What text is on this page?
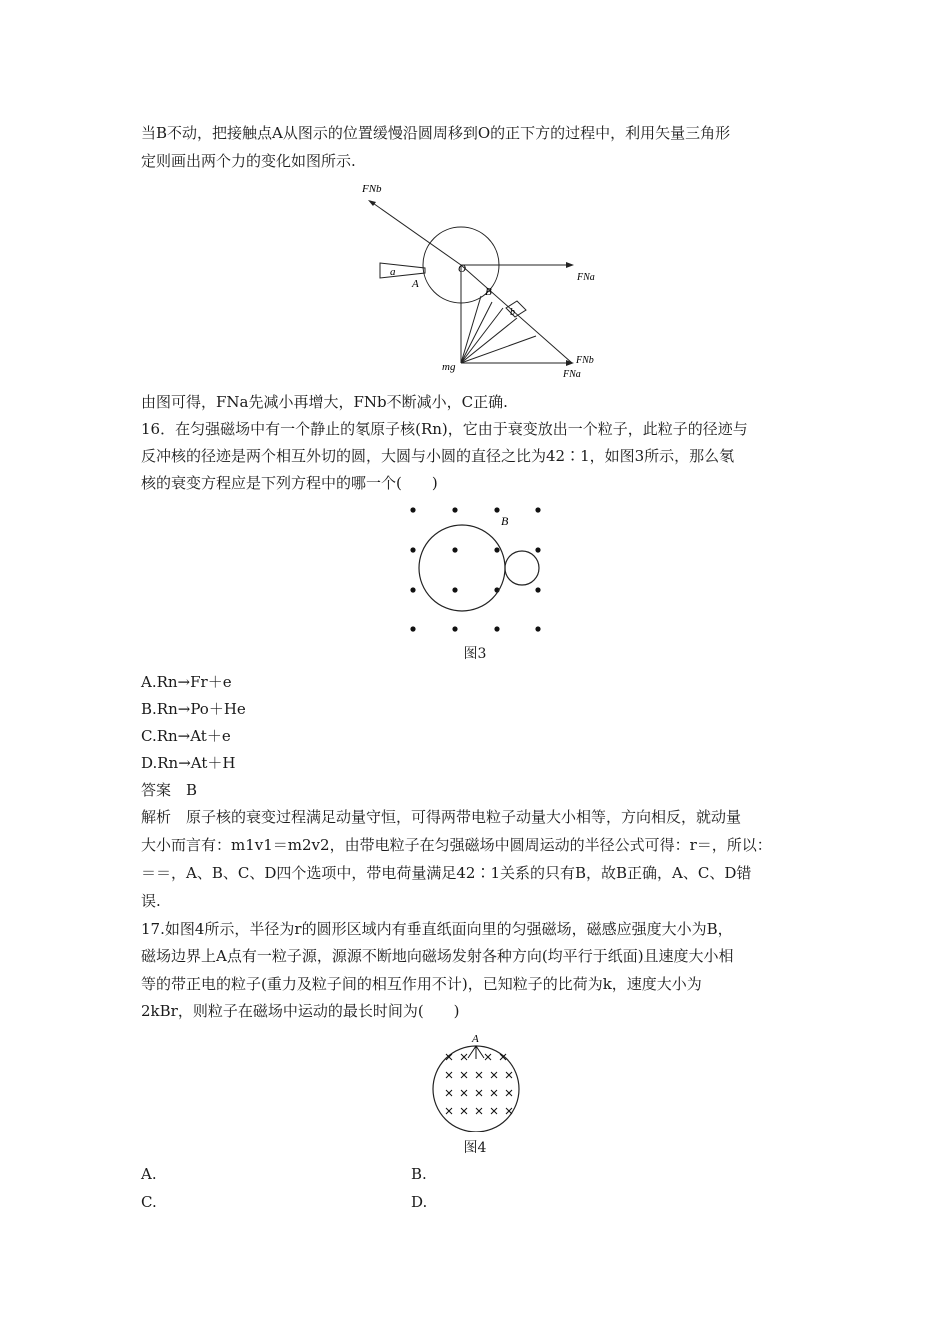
当B不动，把接触点A从图示的位置缓慢沿圆周移到O的正下方的过程中，利用矢量三角形
定则画出两个力的变化如图所示.
FNb
FNa
O
A
a
B
b
mg
FNb
FNa
由图可得，FNa先减小再增大，FNb不断减小，C正确.
16．在匀强磁场中有一个静止的氡原子核(Rn)，它由于衰变放出一个粒子，此粒子的径迹与
反冲核的径迹是两个相互外切的圆，大圆与小圆的直径之比为42∶1，如图3所示，那么氡
核的衰变方程应是下列方程中的哪一个(　　)
B
图3
A.Rn→Fr＋e
B.Rn→Po＋He
C.Rn→At＋e
D.Rn→At＋H
答案　B
解析　原子核的衰变过程满足动量守恒，可得两带电粒子动量大小相等，方向相反，就动量
大小而言有：m1v1＝m2v2，由带电粒子在匀强磁场中圆周运动的半径公式可得：r＝，所以：
＝＝，A、B、C、D四个选项中，带电荷量满足42∶1关系的只有B，故B正确，A、C、D错
误.
17.如图4所示，半径为r的圆形区域内有垂直纸面向里的匀强磁场，磁感应强度大小为B，
磁场边界上A点有一粒子源，源源不断地向磁场发射各种方向(均平行于纸面)且速度大小相
等的带正电的粒子(重力及粒子间的相互作用不计)，已知粒子的比荷为k，速度大小为
2kBr，则粒子在磁场中运动的最长时间为(　　)
A
图4
A.	B.
C.	D.
